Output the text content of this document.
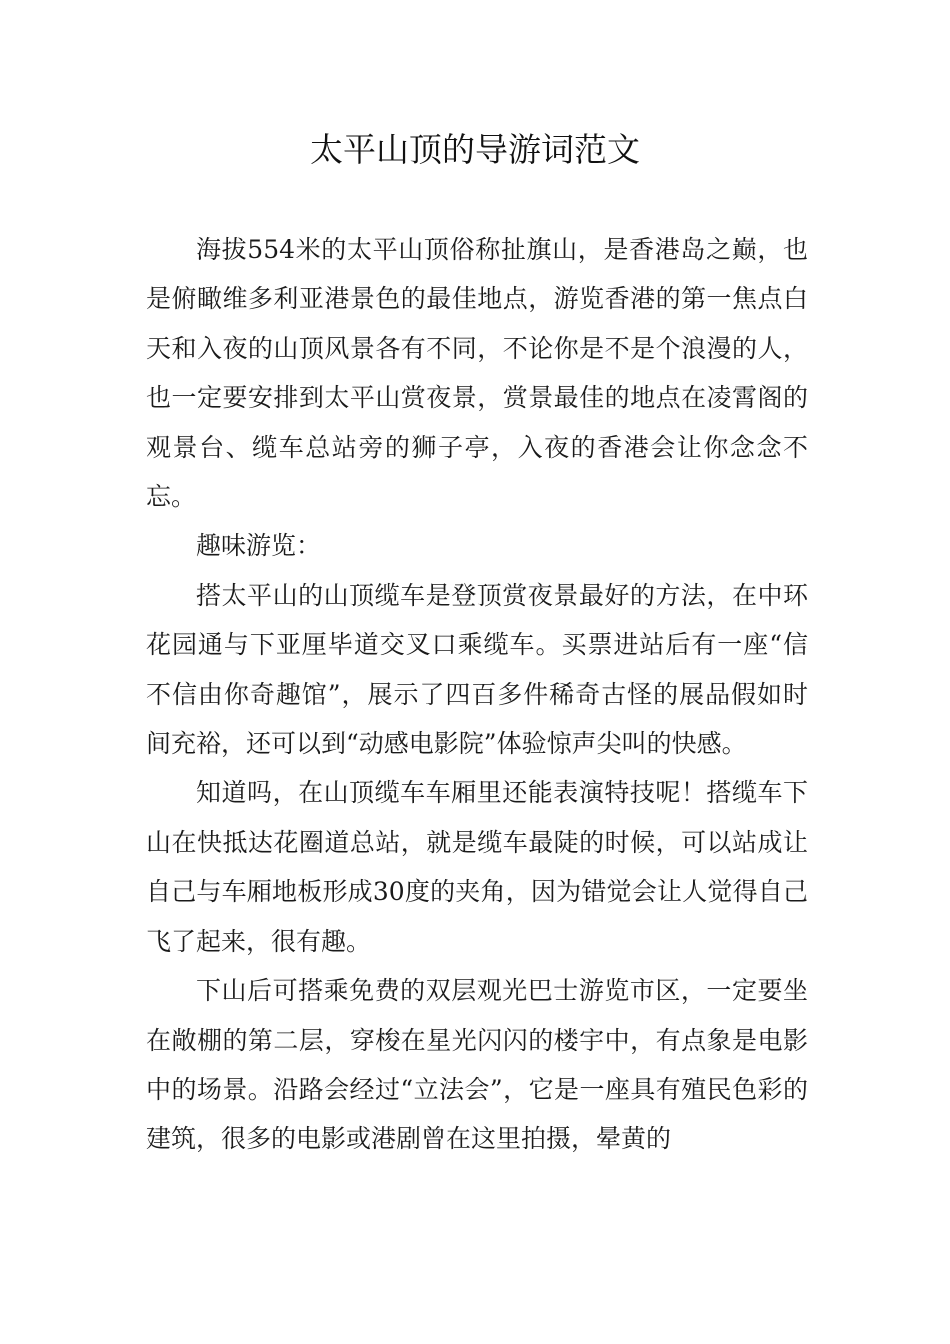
太平山顶的导游词范文

海拔554米的太平山顶俗称扯旗山，是香港岛之巅，也是俯瞰维多利亚港景色的最佳地点，游览香港的第一焦点白天和入夜的山顶风景各有不同，不论你是不是个浪漫的人，也一定要安排到太平山赏夜景，赏景最佳的地点在凌霄阁的观景台、缆车总站旁的狮子亭，入夜的香港会让你念念不忘。

趣味游览：

搭太平山的山顶缆车是登顶赏夜景最好的方法，在中环花园通与下亚厘毕道交叉口乘缆车。买票进站后有一座“信不信由你奇趣馆”，展示了四百多件稀奇古怪的展品假如时间充裕，还可以到“动感电影院”体验惊声尖叫的快感。

知道吗，在山顶缆车车厢里还能表演特技呢！搭缆车下山在快抵达花圈道总站，就是缆车最陡的时候，可以站成让自己与车厢地板形成30度的夹角，因为错觉会让人觉得自己飞了起来，很有趣。

下山后可搭乘免费的双层观光巴士游览市区，一定要坐在敞棚的第二层，穿梭在星光闪闪的楼宇中，有点象是电影中的场景。沿路会经过“立法会”，它是一座具有殖民色彩的建筑，很多的电影或港剧曾在这里拍摄，晕黄的
